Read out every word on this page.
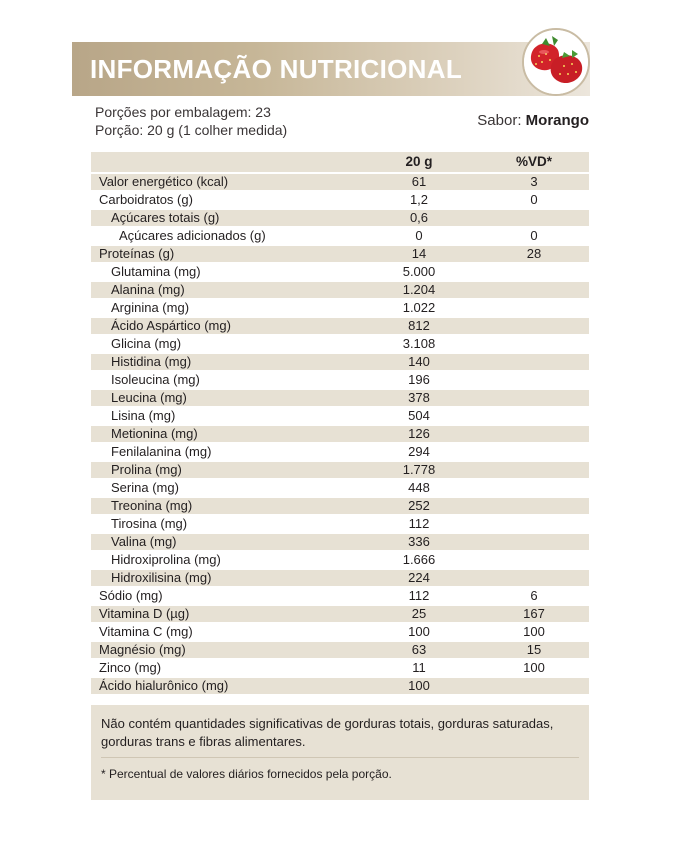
INFORMAÇÃO NUTRICIONAL
Porções por embalagem: 23
Porção: 20 g (1 colher medida)
Sabor: Morango
	20 g	%VD*
Valor energético (kcal)	61	3
Carboidratos (g)	1,2	0
Açúcares totais (g)	0,6	
Açúcares adicionados (g)	0	0
Proteínas (g)	14	28
Glutamina (mg)	5.000	
Alanina (mg)	1.204	
Arginina (mg)	1.022	
Ácido Aspártico (mg)	812	
Glicina (mg)	3.108	
Histidina (mg)	140	
Isoleucina (mg)	196	
Leucina (mg)	378	
Lisina (mg)	504	
Metionina (mg)	126	
Fenilalanina (mg)	294	
Prolina (mg)	1.778	
Serina (mg)	448	
Treonina (mg)	252	
Tirosina (mg)	112	
Valina (mg)	336	
Hidroxiprolina (mg)	1.666	
Hidroxilisina (mg)	224	
Sódio (mg)	112	6
Vitamina D (µg)	25	167
Vitamina C (mg)	100	100
Magnésio (mg)	63	15
Zinco (mg)	11	100
Ácido hialurônico (mg)	100	
Não contém quantidades significativas de gorduras totais, gorduras saturadas, gorduras trans e fibras alimentares.
* Percentual de valores diários fornecidos pela porção.
